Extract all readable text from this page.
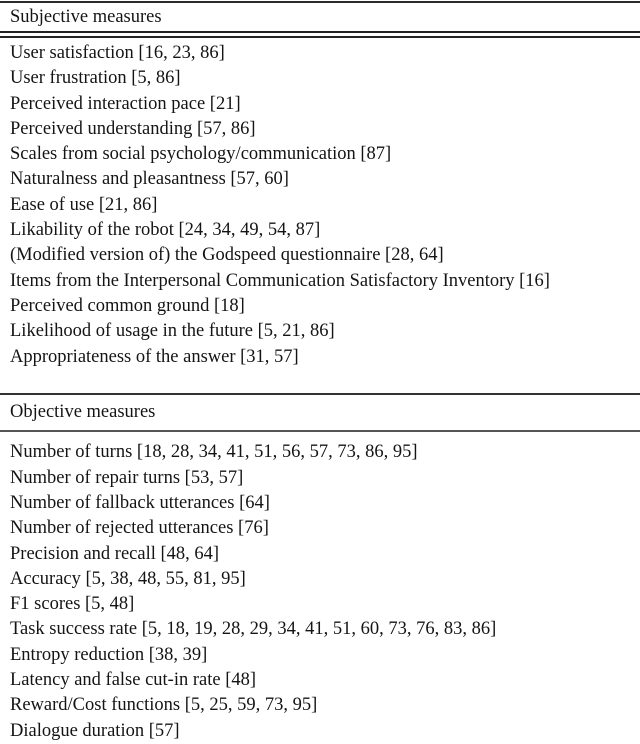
Subjective measures
User satisfaction [16, 23, 86]
User frustration [5, 86]
Perceived interaction pace [21]
Perceived understanding [57, 86]
Scales from social psychology/communication [87]
Naturalness and pleasantness [57, 60]
Ease of use [21, 86]
Likability of the robot [24, 34, 49, 54, 87]
(Modified version of) the Godspeed questionnaire [28, 64]
Items from the Interpersonal Communication Satisfactory Inventory [16]
Perceived common ground [18]
Likelihood of usage in the future [5, 21, 86]
Appropriateness of the answer [31, 57]
Objective measures
Number of turns [18, 28, 34, 41, 51, 56, 57, 73, 86, 95]
Number of repair turns [53, 57]
Number of fallback utterances [64]
Number of rejected utterances [76]
Precision and recall [48, 64]
Accuracy [5, 38, 48, 55, 81, 95]
F1 scores [5, 48]
Task success rate [5, 18, 19, 28, 29, 34, 41, 51, 60, 73, 76, 83, 86]
Entropy reduction [38, 39]
Latency and false cut-in rate [48]
Reward/Cost functions [5, 25, 59, 73, 95]
Dialogue duration [57]
